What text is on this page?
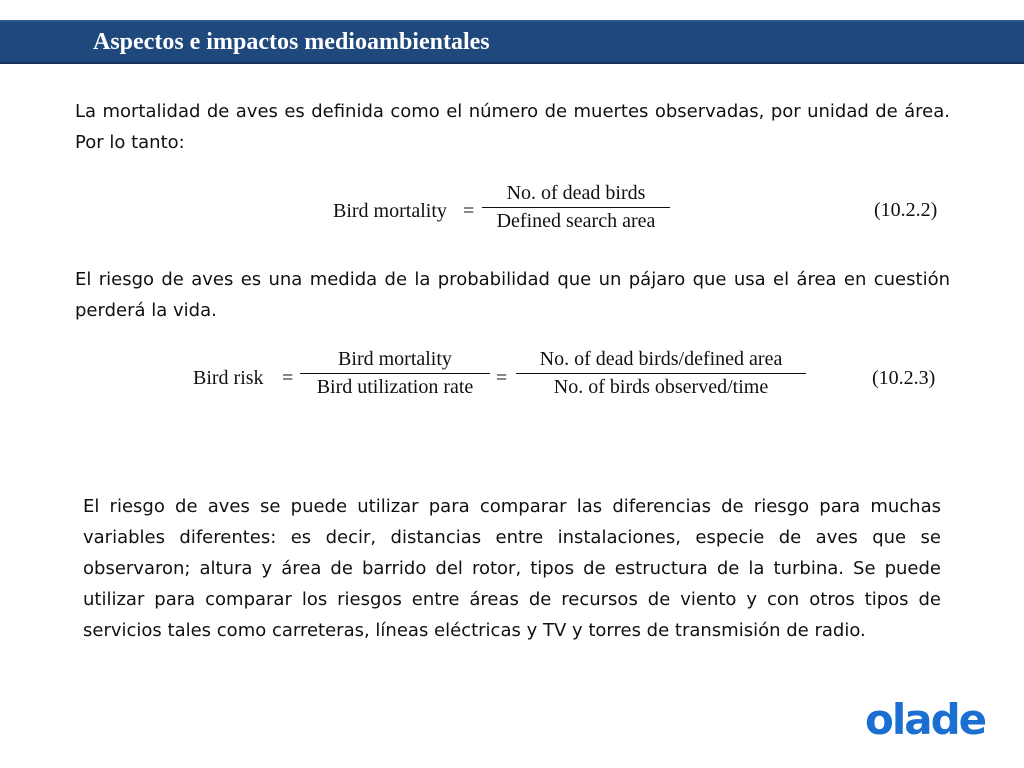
Aspectos e impactos medioambientales

La mortalidad de aves es definida como el número de muertes observadas, por unidad de área. Por lo tanto:

Bird mortality =
No. of dead birds
Defined search area	(10.2.2)

El riesgo de aves es una medida de la probabilidad que un pájaro que usa el área en cuestión perderá la vida.

Bird risk =
Bird mortality
Bird utilization rate	=
No. of dead birds/defined area
No. of birds observed/time	(10.2.3)

El riesgo de aves se puede utilizar para comparar las diferencias de riesgo para muchas variables diferentes: es decir, distancias entre instalaciones, especie de aves que se observaron; altura y área de barrido del rotor, tipos de estructura de la turbina. Se puede utilizar para comparar los riesgos entre áreas de recursos de viento y con otros tipos de servicios tales como carreteras, líneas eléctricas y TV y torres de transmisión de radio.

olade
